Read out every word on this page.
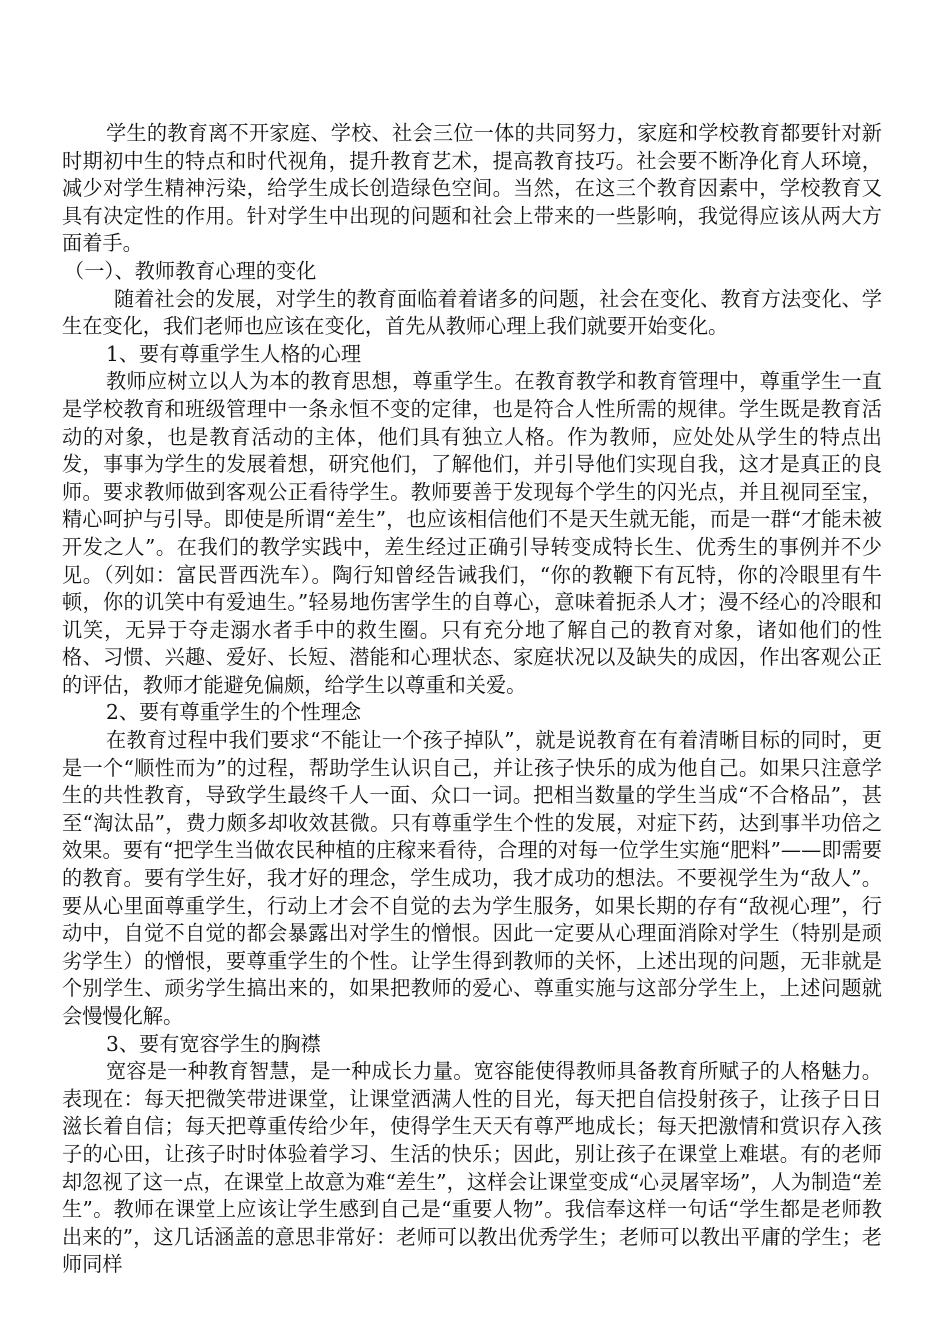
学生的教育离不开家庭、学校、社会三位一体的共同努力，家庭和学校教育都要针对新时期初中生的特点和时代视角，提升教育艺术，提高教育技巧。社会要不断净化育人环境，减少对学生精神污染，给学生成长创造绿色空间。当然，在这三个教育因素中，学校教育又具有决定性的作用。针对学生中出现的问题和社会上带来的一些影响，我觉得应该从两大方面着手。

（一）、教师教育心理的变化

随着社会的发展，对学生的教育面临着着诸多的问题，社会在变化、教育方法变化、学生在变化，我们老师也应该在变化，首先从教师心理上我们就要开始变化。

1、要有尊重学生人格的心理

教师应树立以人为本的教育思想，尊重学生。在教育教学和教育管理中，尊重学生一直是学校教育和班级管理中一条永恒不变的定律，也是符合人性所需的规律。学生既是教育活动的对象，也是教育活动的主体，他们具有独立人格。作为教师，应处处从学生的特点出发，事事为学生的发展着想，研究他们，了解他们，并引导他们实现自我，这才是真正的良师。要求教师做到客观公正看待学生。教师要善于发现每个学生的闪光点，并且视同至宝，精心呵护与引导。即使是所谓“差生”，也应该相信他们不是天生就无能，而是一群“才能未被开发之人”。在我们的教学实践中，差生经过正确引导转变成特长生、优秀生的事例并不少见。（列如：富民晋西洗车）。陶行知曾经告诫我们，“你的教鞭下有瓦特，你的冷眼里有牛顿，你的讥笑中有爱迪生。”轻易地伤害学生的自尊心，意味着扼杀人才；漫不经心的冷眼和讥笑，无异于夺走溺水者手中的救生圈。只有充分地了解自己的教育对象，诸如他们的性格、习惯、兴趣、爱好、长短、潜能和心理状态、家庭状况以及缺失的成因，作出客观公正的评估，教师才能避免偏颇，给学生以尊重和关爱。

2、要有尊重学生的个性理念

在教育过程中我们要求“不能让一个孩子掉队”，就是说教育在有着清晰目标的同时，更是一个“顺性而为”的过程，帮助学生认识自己，并让孩子快乐的成为他自己。如果只注意学生的共性教育，导致学生最终千人一面、众口一词。把相当数量的学生当成“不合格品”，甚至“淘汰品”，费力颇多却收效甚微。只有尊重学生个性的发展，对症下药，达到事半功倍之效果。要有“把学生当做农民种植的庄稼来看待，合理的对每一位学生实施“肥料”——即需要的教育。要有学生好，我才好的理念，学生成功，我才成功的想法。不要视学生为“敌人”。要从心里面尊重学生，行动上才会不自觉的去为学生服务，如果长期的存有“敌视心理”，行动中，自觉不自觉的都会暴露出对学生的憎恨。因此一定要从心理面消除对学生（特别是顽劣学生）的憎恨，要尊重学生的个性。让学生得到教师的关怀，上述出现的问题，无非就是个别学生、顽劣学生搞出来的，如果把教师的爱心、尊重实施与这部分学生上，上述问题就会慢慢化解。

3、要有宽容学生的胸襟

宽容是一种教育智慧，是一种成长力量。宽容能使得教师具备教育所赋子的人格魅力。表现在：每天把微笑带进课堂，让课堂洒满人性的目光，每天把自信投射孩子，让孩子日日滋长着自信；每天把尊重传给少年，使得学生天天有尊严地成长；每天把激情和赏识存入孩子的心田，让孩子时时体验着学习、生活的快乐；因此，别让孩子在课堂上难堪。有的老师却忽视了这一点，在课堂上故意为难“差生”，这样会让课堂变成“心灵屠宰场”，人为制造“差生”。教师在课堂上应该让学生感到自己是“重要人物”。我信奉这样一句话“学生都是老师教出来的”，这几话涵盖的意思非常好：老师可以教出优秀学生；老师可以教出平庸的学生；老师同样
